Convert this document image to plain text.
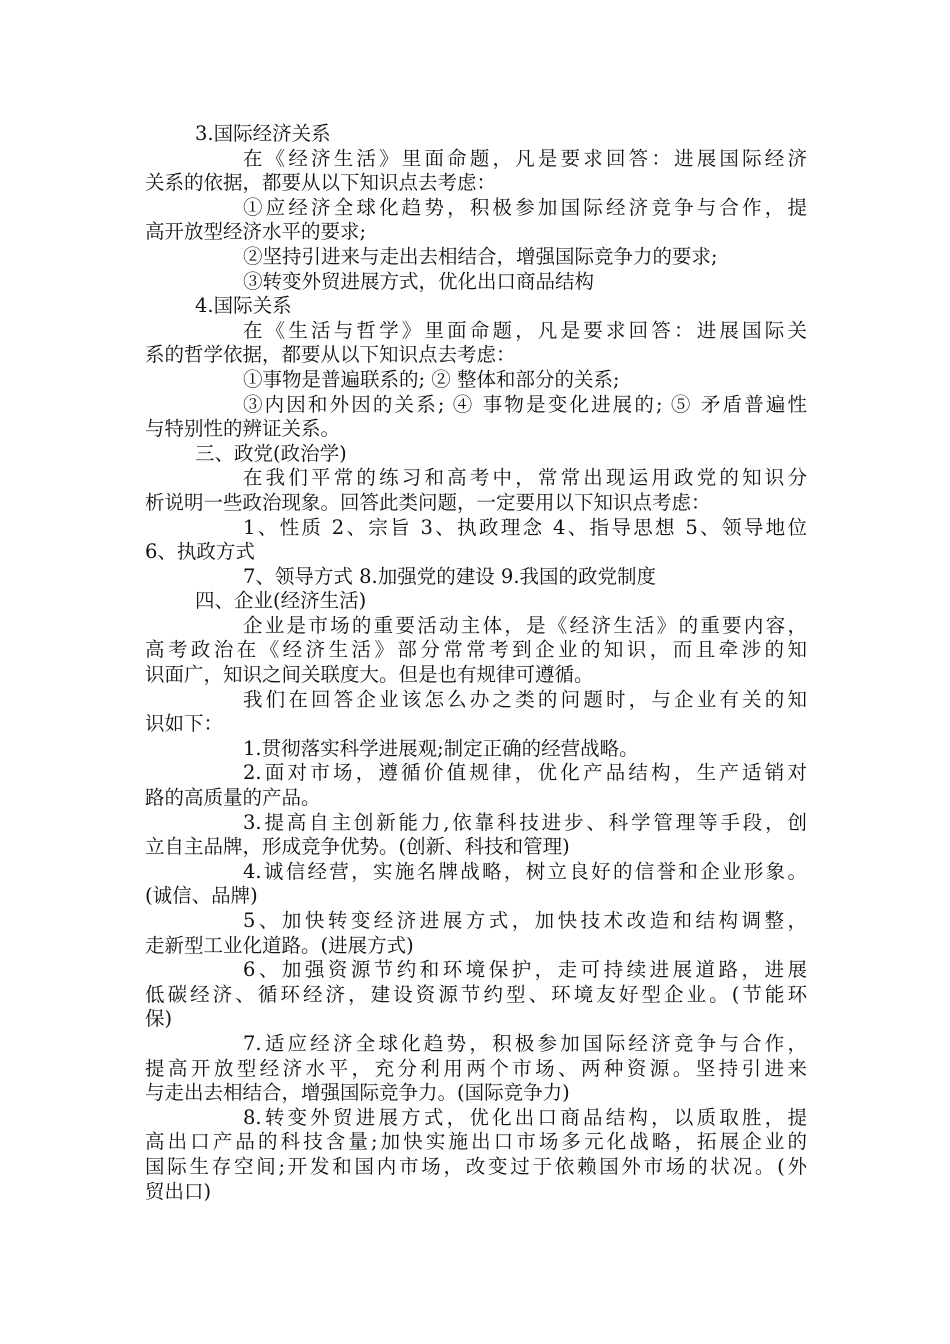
3.国际经济关系

在《经济生活》里面命题，凡是要求回答：进展国际经济

关系的依据，都要从以下知识点去考虑：

①应经济全球化趋势，积极参加国际经济竞争与合作，提

高开放型经济水平的要求;

②坚持引进来与走出去相结合，增强国际竞争力的要求;

③转变外贸进展方式，优化出口商品结构

4.国际关系

在《生活与哲学》里面命题，凡是要求回答：进展国际关

系的哲学依据，都要从以下知识点去考虑：

①事物是普遍联系的; ② 整体和部分的关系;

③内因和外因的关系; ④ 事物是变化进展的; ⑤ 矛盾普遍性

与特别性的辨证关系。

三、政党(政治学)

在我们平常的练习和高考中，常常出现运用政党的知识分

析说明一些政治现象。回答此类问题，一定要用以下知识点考虑：

1、性质 2、宗旨 3、执政理念 4、指导思想 5、领导地位

6、执政方式

7、领导方式 8.加强党的建设 9.我国的政党制度

四、企业(经济生活)

企业是市场的重要活动主体，是《经济生活》的重要内容，

高考政治在《经济生活》部分常常考到企业的知识，而且牵涉的知

识面广，知识之间关联度大。但是也有规律可遵循。

我们在回答企业该怎么办之类的问题时，与企业有关的知

识如下：

1.贯彻落实科学进展观;制定正确的经营战略。

2.面对市场，遵循价值规律，优化产品结构，生产适销对

路的高质量的产品。

3.提高自主创新能力,依靠科技进步、科学管理等手段，创

立自主品牌，形成竞争优势。(创新、科技和管理)

4.诚信经营，实施名牌战略，树立良好的信誉和企业形象。

(诚信、品牌)

5、加快转变经济进展方式，加快技术改造和结构调整，

走新型工业化道路。(进展方式)

6、加强资源节约和环境保护，走可持续进展道路，进展

低碳经济、循环经济，建设资源节约型、环境友好型企业。(节能环

保)

7.适应经济全球化趋势，积极参加国际经济竞争与合作，

提高开放型经济水平，充分利用两个市场、两种资源。坚持引进来

与走出去相结合，增强国际竞争力。(国际竞争力)

8.转变外贸进展方式，优化出口商品结构，以质取胜，提

高出口产品的科技含量;加快实施出口市场多元化战略，拓展企业的

国际生存空间;开发和国内市场，改变过于依赖国外市场的状况。(外

贸出口)
